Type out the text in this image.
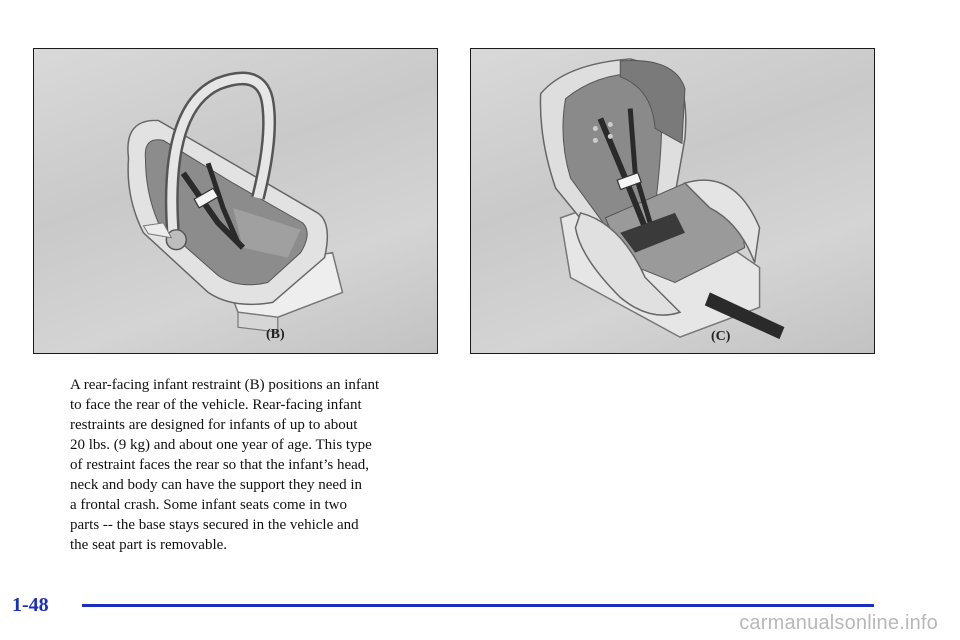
(B)	(C)
A rear-facing infant restraint (B) positions an infant
to face the rear of the vehicle. Rear-facing infant
restraints are designed for infants of up to about
20 lbs. (9 kg) and about one year of age. This type
of restraint faces the rear so that the infant’s head,
neck and body can have the support they need in
a frontal crash. Some infant seats come in two
parts -- the base stays secured in the vehicle and
the seat part is removable.
1-48
carmanualsonline.info
